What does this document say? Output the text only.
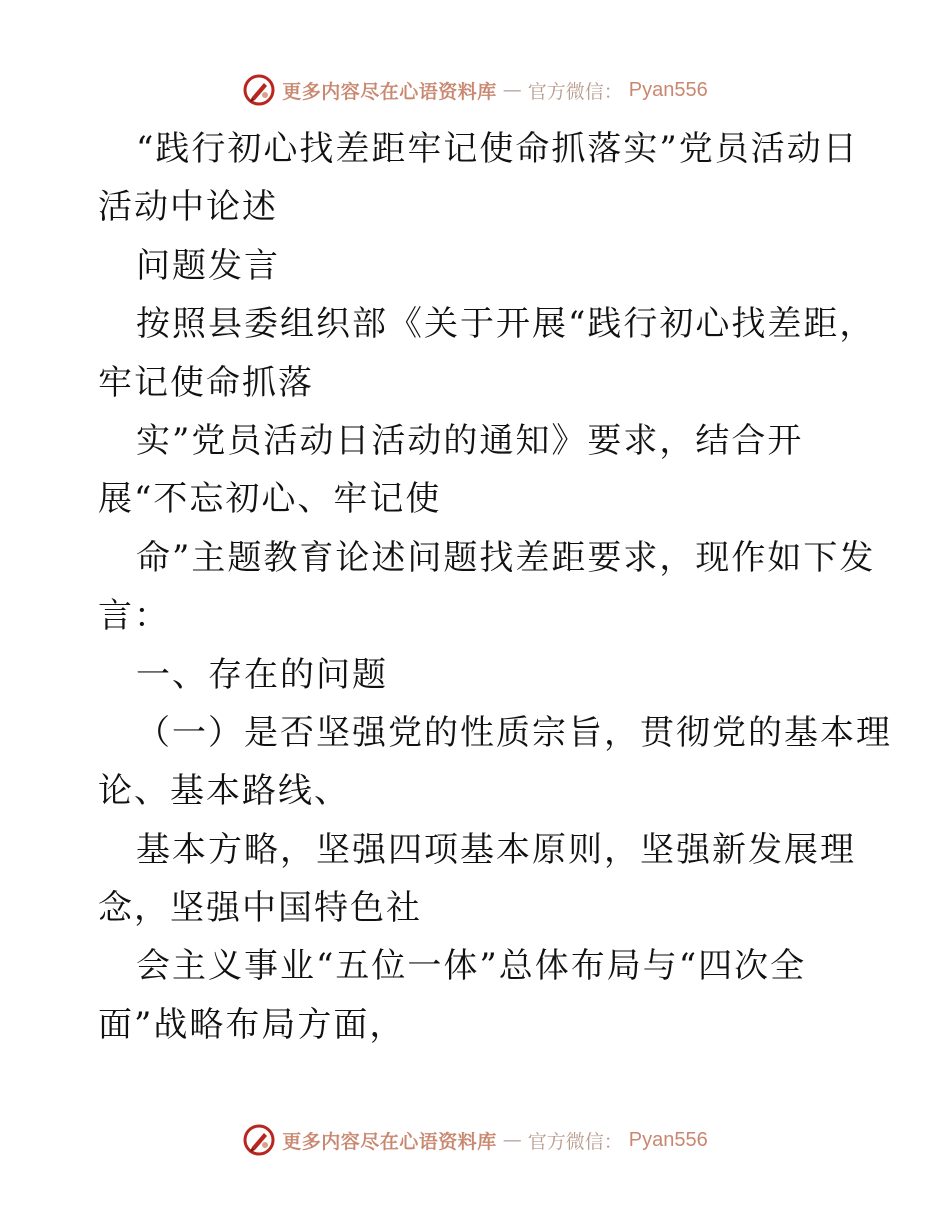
更多内容尽在心语资料库 — 官方微信： Pyan556
“践行初心找差距牢记使命抓落实”党员活动日
活动中论述
问题发言
按照县委组织部《关于开展“践行初心找差距，
牢记使命抓落
实”党员活动日活动的通知》要求，结合开
展“不忘初心、牢记使
命”主题教育论述问题找差距要求，现作如下发
言：
一、存在的问题
（一）是否坚强党的性质宗旨，贯彻党的基本理
论、基本路线、
基本方略，坚强四项基本原则，坚强新发展理
念，坚强中国特色社
会主义事业“五位一体”总体布局与“四次全
面”战略布局方面，
更多内容尽在心语资料库 — 官方微信： Pyan556
